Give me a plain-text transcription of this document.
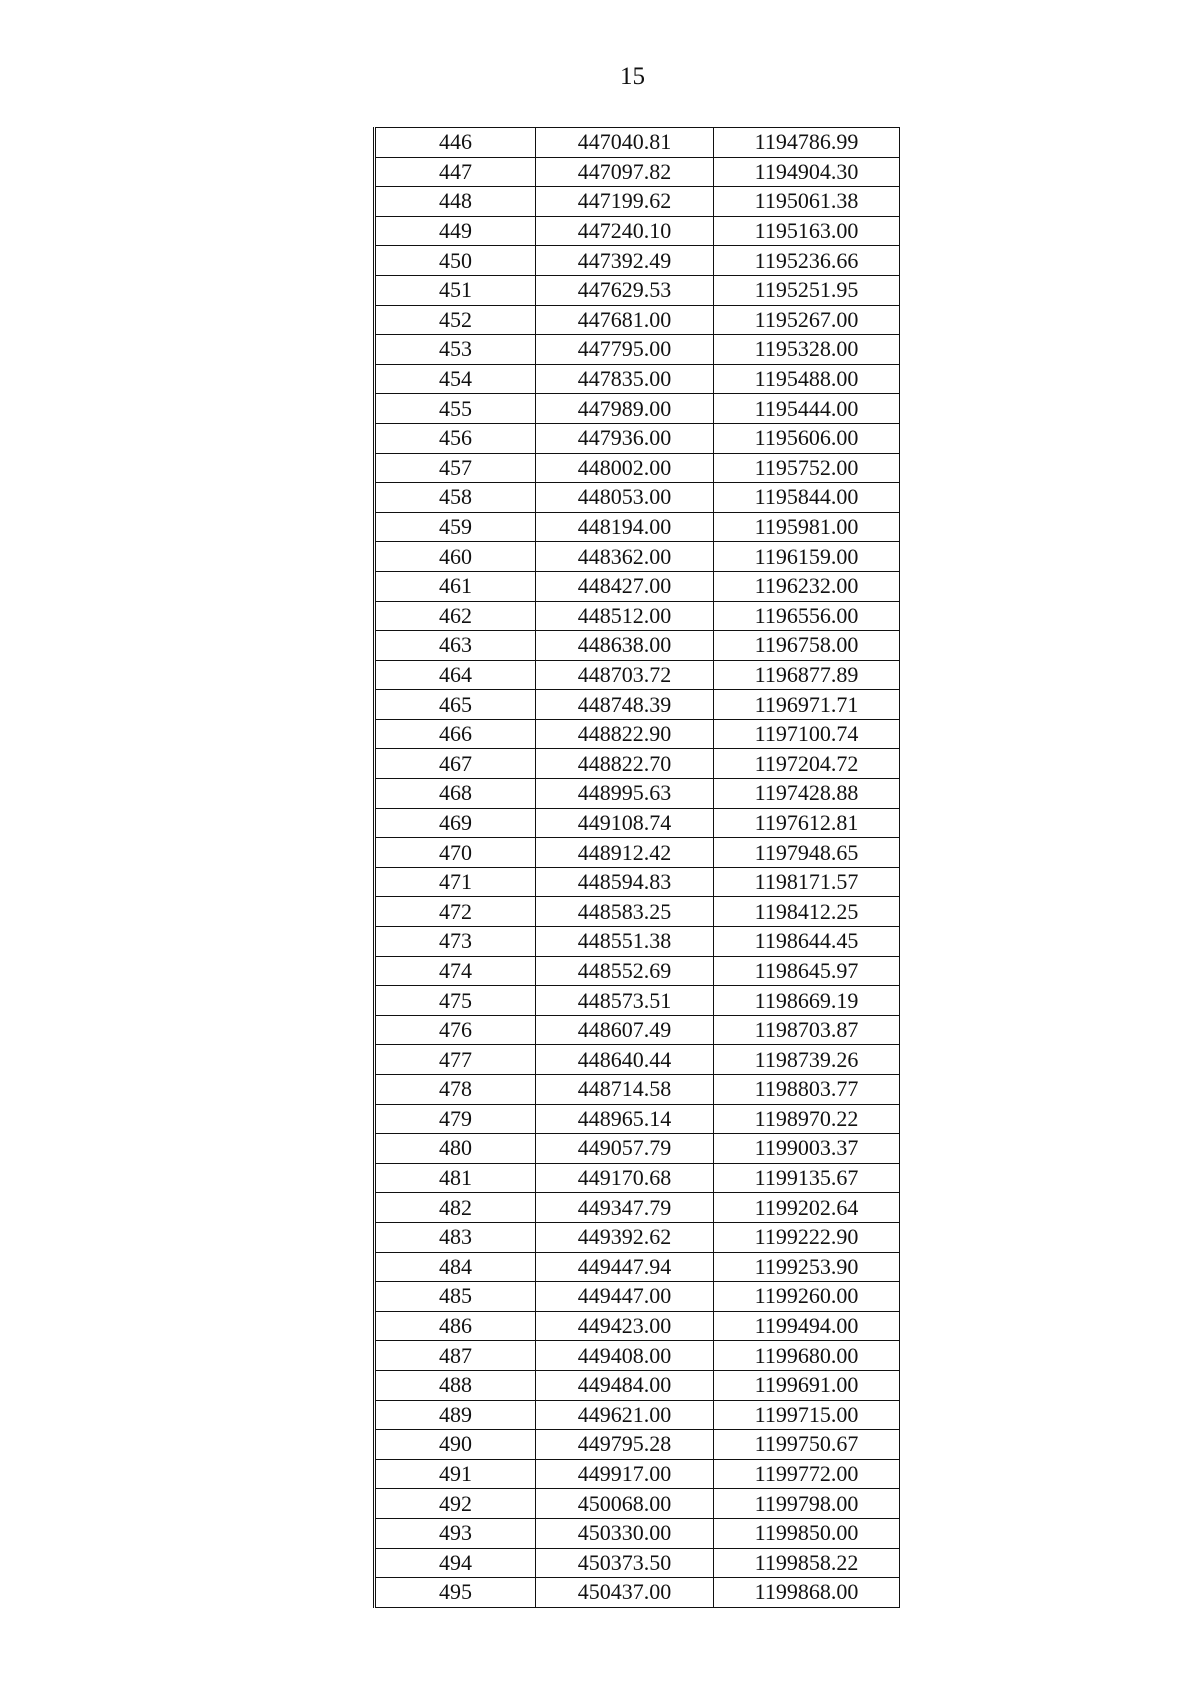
15
446	447040.81	1194786.99
447	447097.82	1194904.30
448	447199.62	1195061.38
449	447240.10	1195163.00
450	447392.49	1195236.66
451	447629.53	1195251.95
452	447681.00	1195267.00
453	447795.00	1195328.00
454	447835.00	1195488.00
455	447989.00	1195444.00
456	447936.00	1195606.00
457	448002.00	1195752.00
458	448053.00	1195844.00
459	448194.00	1195981.00
460	448362.00	1196159.00
461	448427.00	1196232.00
462	448512.00	1196556.00
463	448638.00	1196758.00
464	448703.72	1196877.89
465	448748.39	1196971.71
466	448822.90	1197100.74
467	448822.70	1197204.72
468	448995.63	1197428.88
469	449108.74	1197612.81
470	448912.42	1197948.65
471	448594.83	1198171.57
472	448583.25	1198412.25
473	448551.38	1198644.45
474	448552.69	1198645.97
475	448573.51	1198669.19
476	448607.49	1198703.87
477	448640.44	1198739.26
478	448714.58	1198803.77
479	448965.14	1198970.22
480	449057.79	1199003.37
481	449170.68	1199135.67
482	449347.79	1199202.64
483	449392.62	1199222.90
484	449447.94	1199253.90
485	449447.00	1199260.00
486	449423.00	1199494.00
487	449408.00	1199680.00
488	449484.00	1199691.00
489	449621.00	1199715.00
490	449795.28	1199750.67
491	449917.00	1199772.00
492	450068.00	1199798.00
493	450330.00	1199850.00
494	450373.50	1199858.22
495	450437.00	1199868.00
